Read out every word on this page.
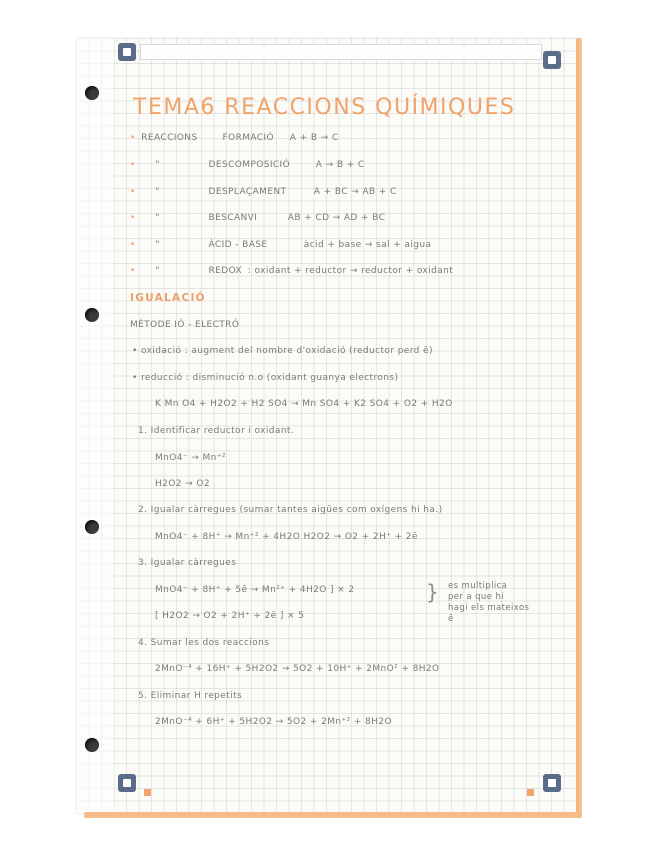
TEMA6 REACCIONS QUÍMIQUES
• REACCIONS	FORMACIÓ A + B → C
• "	DESCOMPOSICIÓ	A → B + C
• "	DESPLAÇAMENT	A + BC → AB + C
• "	BESCANVI	AB + CD → AD + BC
• "	ÀCID - BASE	àcid + base → sal + aigua
• "	REDOX : oxidant + reductor → reductor + oxidant
IGUALACIÓ
MÈTODE IÓ - ELECTRÓ
• oxidació : augment del nombre d'oxidació (reductor perd ē)
• reducció : disminució n.o (oxidant guanya electrons)
K Mn O4 + H2O2 + H2 SO4 → Mn SO4 + K2 SO4 + O2 + H2O
1. Identificar reductor i oxidant.
MnO4⁻ → Mn⁺²
H2O2 → O2
2. Igualar càrregues (sumar tantes aigües com oxígens hi ha.)
MnO4⁻ + 8H⁺ → Mn⁺² + 4H2O H2O2 → O2 + 2H⁺ + 2ē
3. Igualar càrregues
MnO4⁻ + 8H⁺ + 5ē → Mn²⁺ + 4H2O ] × 2
[ H2O2 → O2 + 2H⁺ + 2ē ] × 5
} es multiplica
per a que hi
hagi els mateixos
ē
4. Sumar les dos reaccions
2MnO⁻⁴ + 16H⁺ + 5H2O2 → 5O2 + 10H⁺ + 2MnO² + 8H2O
5. Eliminar H repetits
2MnO⁻⁴ + 6H⁺ + 5H2O2 → 5O2 + 2Mn⁺² + 8H2O
